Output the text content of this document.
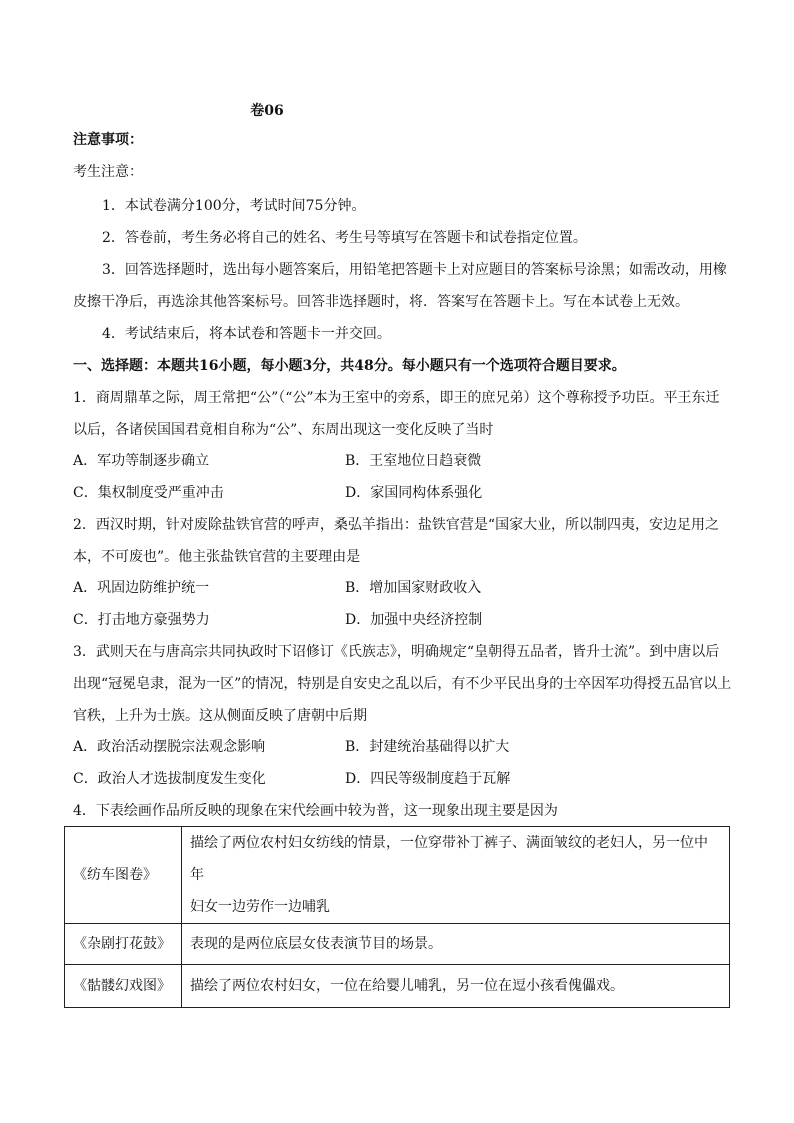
卷06
注意事项：
考生注意：
1．本试卷满分100分，考试时间75分钟。
2．答卷前，考生务必将自己的姓名、考生号等填写在答题卡和试卷指定位置。
3．回答选择题时，选出每小题答案后，用铅笔把答题卡上对应题目的答案标号涂黑；如需改动，用橡
皮擦干净后，再选涂其他答案标号。回答非选择题时，将．答案写在答题卡上。写在本试卷上无效。
4．考试结束后，将本试卷和答题卡一并交回。
一、选择题：本题共16小题，每小题3分，共48分。每小题只有一个选项符合题目要求。
1．商周鼎革之际，周王常把“公”（“公”本为王室中的旁系，即王的庶兄弟）这个尊称授予功臣。平王东迁
以后，各诸侯国国君竟相自称为“公”、东周出现这一变化反映了当时
A．军功等制逐步确立	B．王室地位日趋衰微
C．集权制度受严重冲击	D．家国同构体系强化
2．西汉时期，针对废除盐铁官营的呼声，桑弘羊指出：盐铁官营是“国家大业，所以制四夷，安边足用之
本，不可废也”。他主张盐铁官营的主要理由是
A．巩固边防维护统一	B．增加国家财政收入
C．打击地方豪强势力	D．加强中央经济控制
3．武则天在与唐高宗共同执政时下诏修订《氏族志》，明确规定“皇朝得五品者，皆升士流”。到中唐以后
出现“冠冕皂隶，混为一区”的情况，特别是自安史之乱以后，有不少平民出身的士卒因军功得授五品官以上
官秩，上升为士族。这从侧面反映了唐朝中后期
A．政治活动摆脱宗法观念影响	B．封建统治基础得以扩大
C．政治人才选拔制度发生变化	D．四民等级制度趋于瓦解
4．下表绘画作品所反映的现象在宋代绘画中较为普，这一现象出现主要是因为
《纺车图卷》	描绘了两位农村妇女纺线的情景，一位穿带补丁裤子、满面皱纹的老妇人，另一位中年
妇女一边劳作一边哺乳

《杂剧打花鼓》	表现的是两位底层女伎表演节目的场景。
《骷髅幻戏图》	描绘了两位农村妇女，一位在给婴儿哺乳，另一位在逗小孩看傀儡戏。
